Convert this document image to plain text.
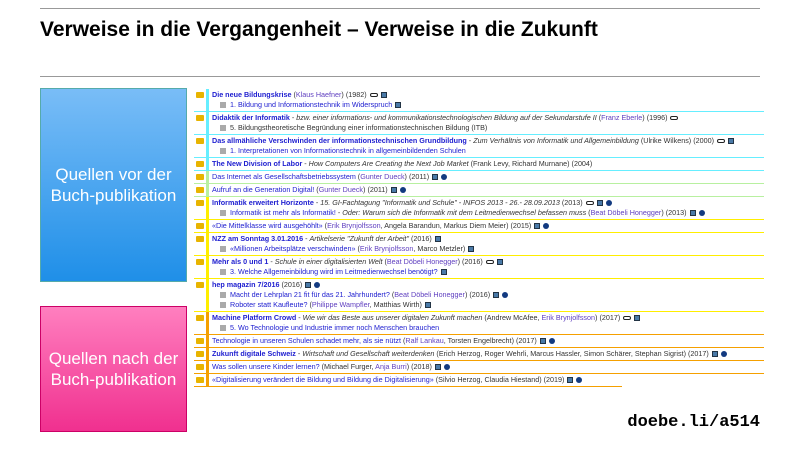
Verweise in die Vergangenheit – Verweise in die Zukunft
Quellen vor der Buch-publikation
Quellen nach der Buch-publikation
Die neue Bildungskrise (Klaus Haefner) (1982)
1. Bildung und Informationstechnik im Widerspruch
Didaktik der Informatik - bzw. einer informations- und kommunikationstechnologischen Bildung auf der Sekundarstufe II (Franz Eberle) (1996)
5. Bildungstheoretische Begründung einer informationstechnischen Bildung (ITB)
Das allmähliche Verschwinden der informationstechnischen Grundbildung - Zum Verhältnis von Informatik und Allgemeinbildung (Ulrike Wilkens) (2000)
1. Interpretationen von Informationstechnik in allgemeinbildenden Schulen
The New Division of Labor - How Computers Are Creating the Next Job Market (Frank Levy, Richard Murnane) (2004)
Das Internet als Gesellschaftsbetriebssystem (Gunter Dueck) (2011)
Aufruf an die Generation Digital! (Gunter Dueck) (2011)
Informatik erweitert Horizonte - 15. GI-Fachtagung "Informatik und Schule" - INFOS 2013 - 26.- 28.09.2013 (2013)
Informatik ist mehr als Informatik! - Oder: Warum sich die Informatik mit dem Leitmedienwechsel befassen muss (Beat Döbeli Honegger) (2013)
«Die Mittelklasse wird ausgehöhlt» (Erik Brynjolfsson, Angela Barandun, Markus Diem Meier) (2015)
NZZ am Sonntag 3.01.2016 - Artikelserie "Zukunft der Arbeit" (2016)
«Millionen Arbeitsplätze verschwinden» (Erik Brynjolfsson, Marco Metzler)
Mehr als 0 und 1 - Schule in einer digitalisierten Welt (Beat Döbeli Honegger) (2016)
3. Welche Allgemeinbildung wird im Leitmedienwechsel benötigt?
hep magazin 7/2016 (2016)
Macht der Lehrplan 21 fit für das 21. Jahrhundert? (Beat Döbeli Honegger) (2016)
Roboter statt Kaufleute? (Philippe Wampfler, Matthias Wirth)
Machine Platform Crowd - Wie wir das Beste aus unserer digitalen Zukunft machen (Andrew McAfee, Erik Brynjolfsson) (2017)
5. Wo Technologie und Industrie immer noch Menschen brauchen
Technologie in unseren Schulen schadet mehr, als sie nützt (Ralf Lankau, Torsten Engelbrecht) (2017)
Zukunft digitale Schweiz - Wirtschaft und Gesellschaft weiterdenken (Erich Herzog, Roger Wehrli, Marcus Hassler, Simon Schärer, Stephan Sigrist) (2017)
Was sollen unsere Kinder lernen? (Michael Furger, Anja Burri) (2018)
«Digitalisierung verändert die Bildung und Bildung die Digitalisierung» (Silvio Herzog, Claudia Hiestand) (2019)
doebe.li/a514
